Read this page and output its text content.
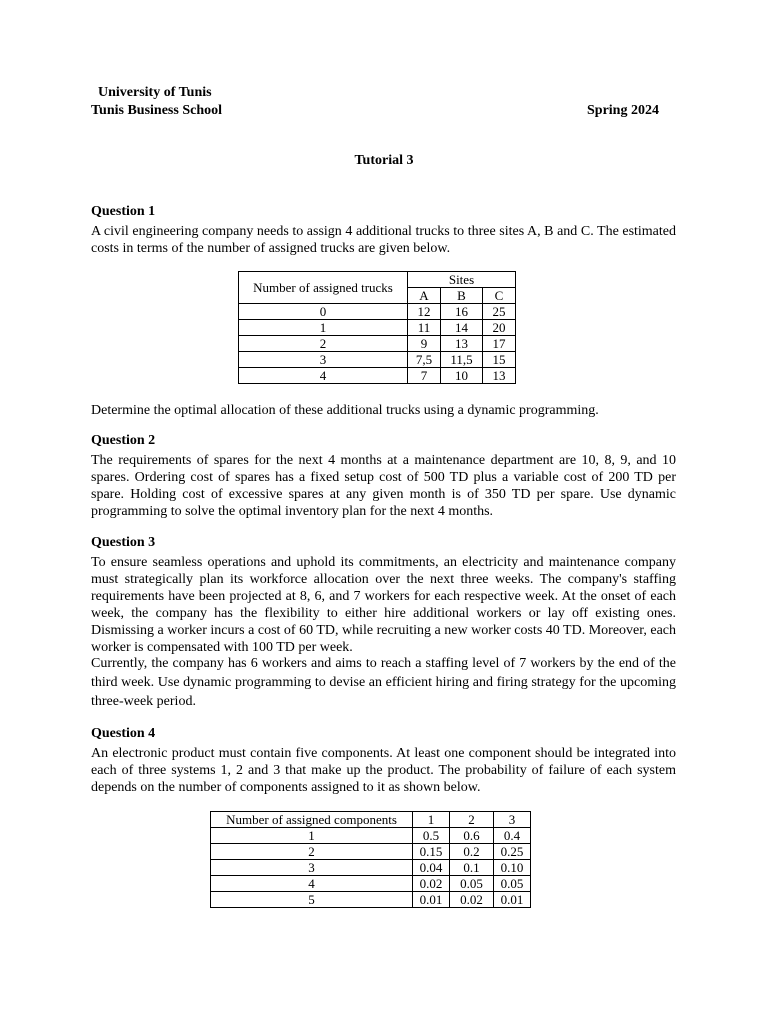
University of Tunis
Tunis Business School	Spring 2024
Tutorial 3
Question 1
A civil engineering company needs to assign 4 additional trucks to three sites A, B and C. The estimated costs in terms of the number of assigned trucks are given below.
Number of assigned trucks	Sites		
	A	B	C
0	12	16	25
1	11	14	20
2	9	13	17
3	7,5	11,5	15
4	7	10	13
Determine the optimal allocation of these additional trucks using a dynamic programming.
Question 2
The requirements of spares for the next 4 months at a maintenance department are 10, 8, 9, and 10 spares. Ordering cost of spares has a fixed setup cost of 500 TD plus a variable cost of 200 TD per spare. Holding cost of excessive spares at any given month is of 350 TD per spare. Use dynamic programming to solve the optimal inventory plan for the next 4 months.
Question 3
To ensure seamless operations and uphold its commitments, an electricity and maintenance company must strategically plan its workforce allocation over the next three weeks. The company's staffing requirements have been projected at 8, 6, and 7 workers for each respective week. At the onset of each week, the company has the flexibility to either hire additional workers or lay off existing ones. Dismissing a worker incurs a cost of 60 TD, while recruiting a new worker costs 40 TD. Moreover, each worker is compensated with 100 TD per week.
Currently, the company has 6 workers and aims to reach a staffing level of 7 workers by the end of the third week. Use dynamic programming to devise an efficient hiring and firing strategy for the upcoming three-week period.
Question 4
An electronic product must contain five components. At least one component should be integrated into each of three systems 1, 2 and 3 that make up the product. The probability of failure of each system depends on the number of components assigned to it as shown below.
Number of assigned components	1	2	3
1	0.5	0.6	0.4
2	0.15	0.2	0.25
3	0.04	0.1	0.10
4	0.02	0.05	0.05
5	0.01	0.02	0.01
